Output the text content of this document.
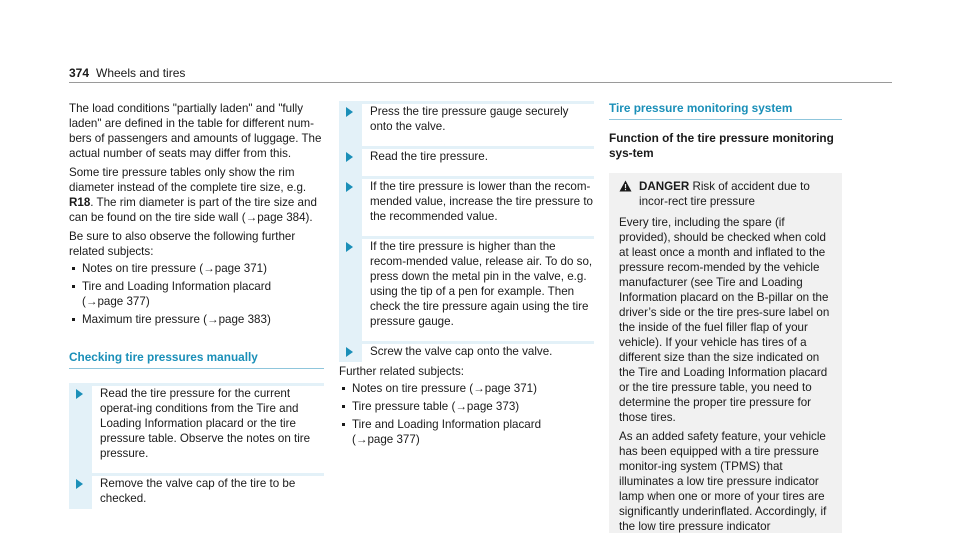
374 Wheels and tires

The load conditions "partially laden" and "fully laden" are defined in the table for different num-bers of passengers and amounts of luggage. The actual number of seats may differ from this.

Some tire pressure tables only show the rim diameter instead of the complete tire size, e.g. R18. The rim diameter is part of the tire size and can be found on the tire side wall (→ page 384).

Be sure to also observe the following further related subjects:

Notes on tire pressure (→ page 371)
Tire and Loading Information placard
(→ page 377)
Maximum tire pressure (→ page 383)
Checking tire pressures manually
Read the tire pressure for the current operat-ing conditions from the Tire and Loading Information placard or the tire pressure table. Observe the notes on tire pressure.
Remove the valve cap of the tire to be checked.
Press the tire pressure gauge securely onto the valve.
Read the tire pressure.
If the tire pressure is lower than the recom-mended value, increase the tire pressure to the recommended value.
If the tire pressure is higher than the recom-mended value, release air. To do so, press down the metal pin in the valve, e.g. using the tip of a pen for example. Then check the tire pressure again using the tire pressure gauge.
Screw the valve cap onto the valve.

Further related subjects:

Notes on tire pressure (→ page 371)
Tire pressure table (→ page 373)
Tire and Loading Information placard
(→ page 377)
Tire pressure monitoring system
Function of the tire pressure monitoring sys-tem
DANGER Risk of accident due to incor-rect tire pressure

Every tire, including the spare (if provided), should be checked when cold at least once a month and inflated to the pressure recom-mended by the vehicle manufacturer (see Tire and Loading Information placard on the B-pillar on the driver’s side or the tire pres-sure label on the inside of the fuel filler flap of your vehicle). If your vehicle has tires of a different size than the size indicated on the Tire and Loading Information placard or the tire pressure table, you need to determine the proper tire pressure for those tires.

As an added safety feature, your vehicle has been equipped with a tire pressure monitor-ing system (TPMS) that illuminates a low tire pressure indicator lamp when one or more of your tires are significantly underinflated. Accordingly, if the low tire pressure indicator
